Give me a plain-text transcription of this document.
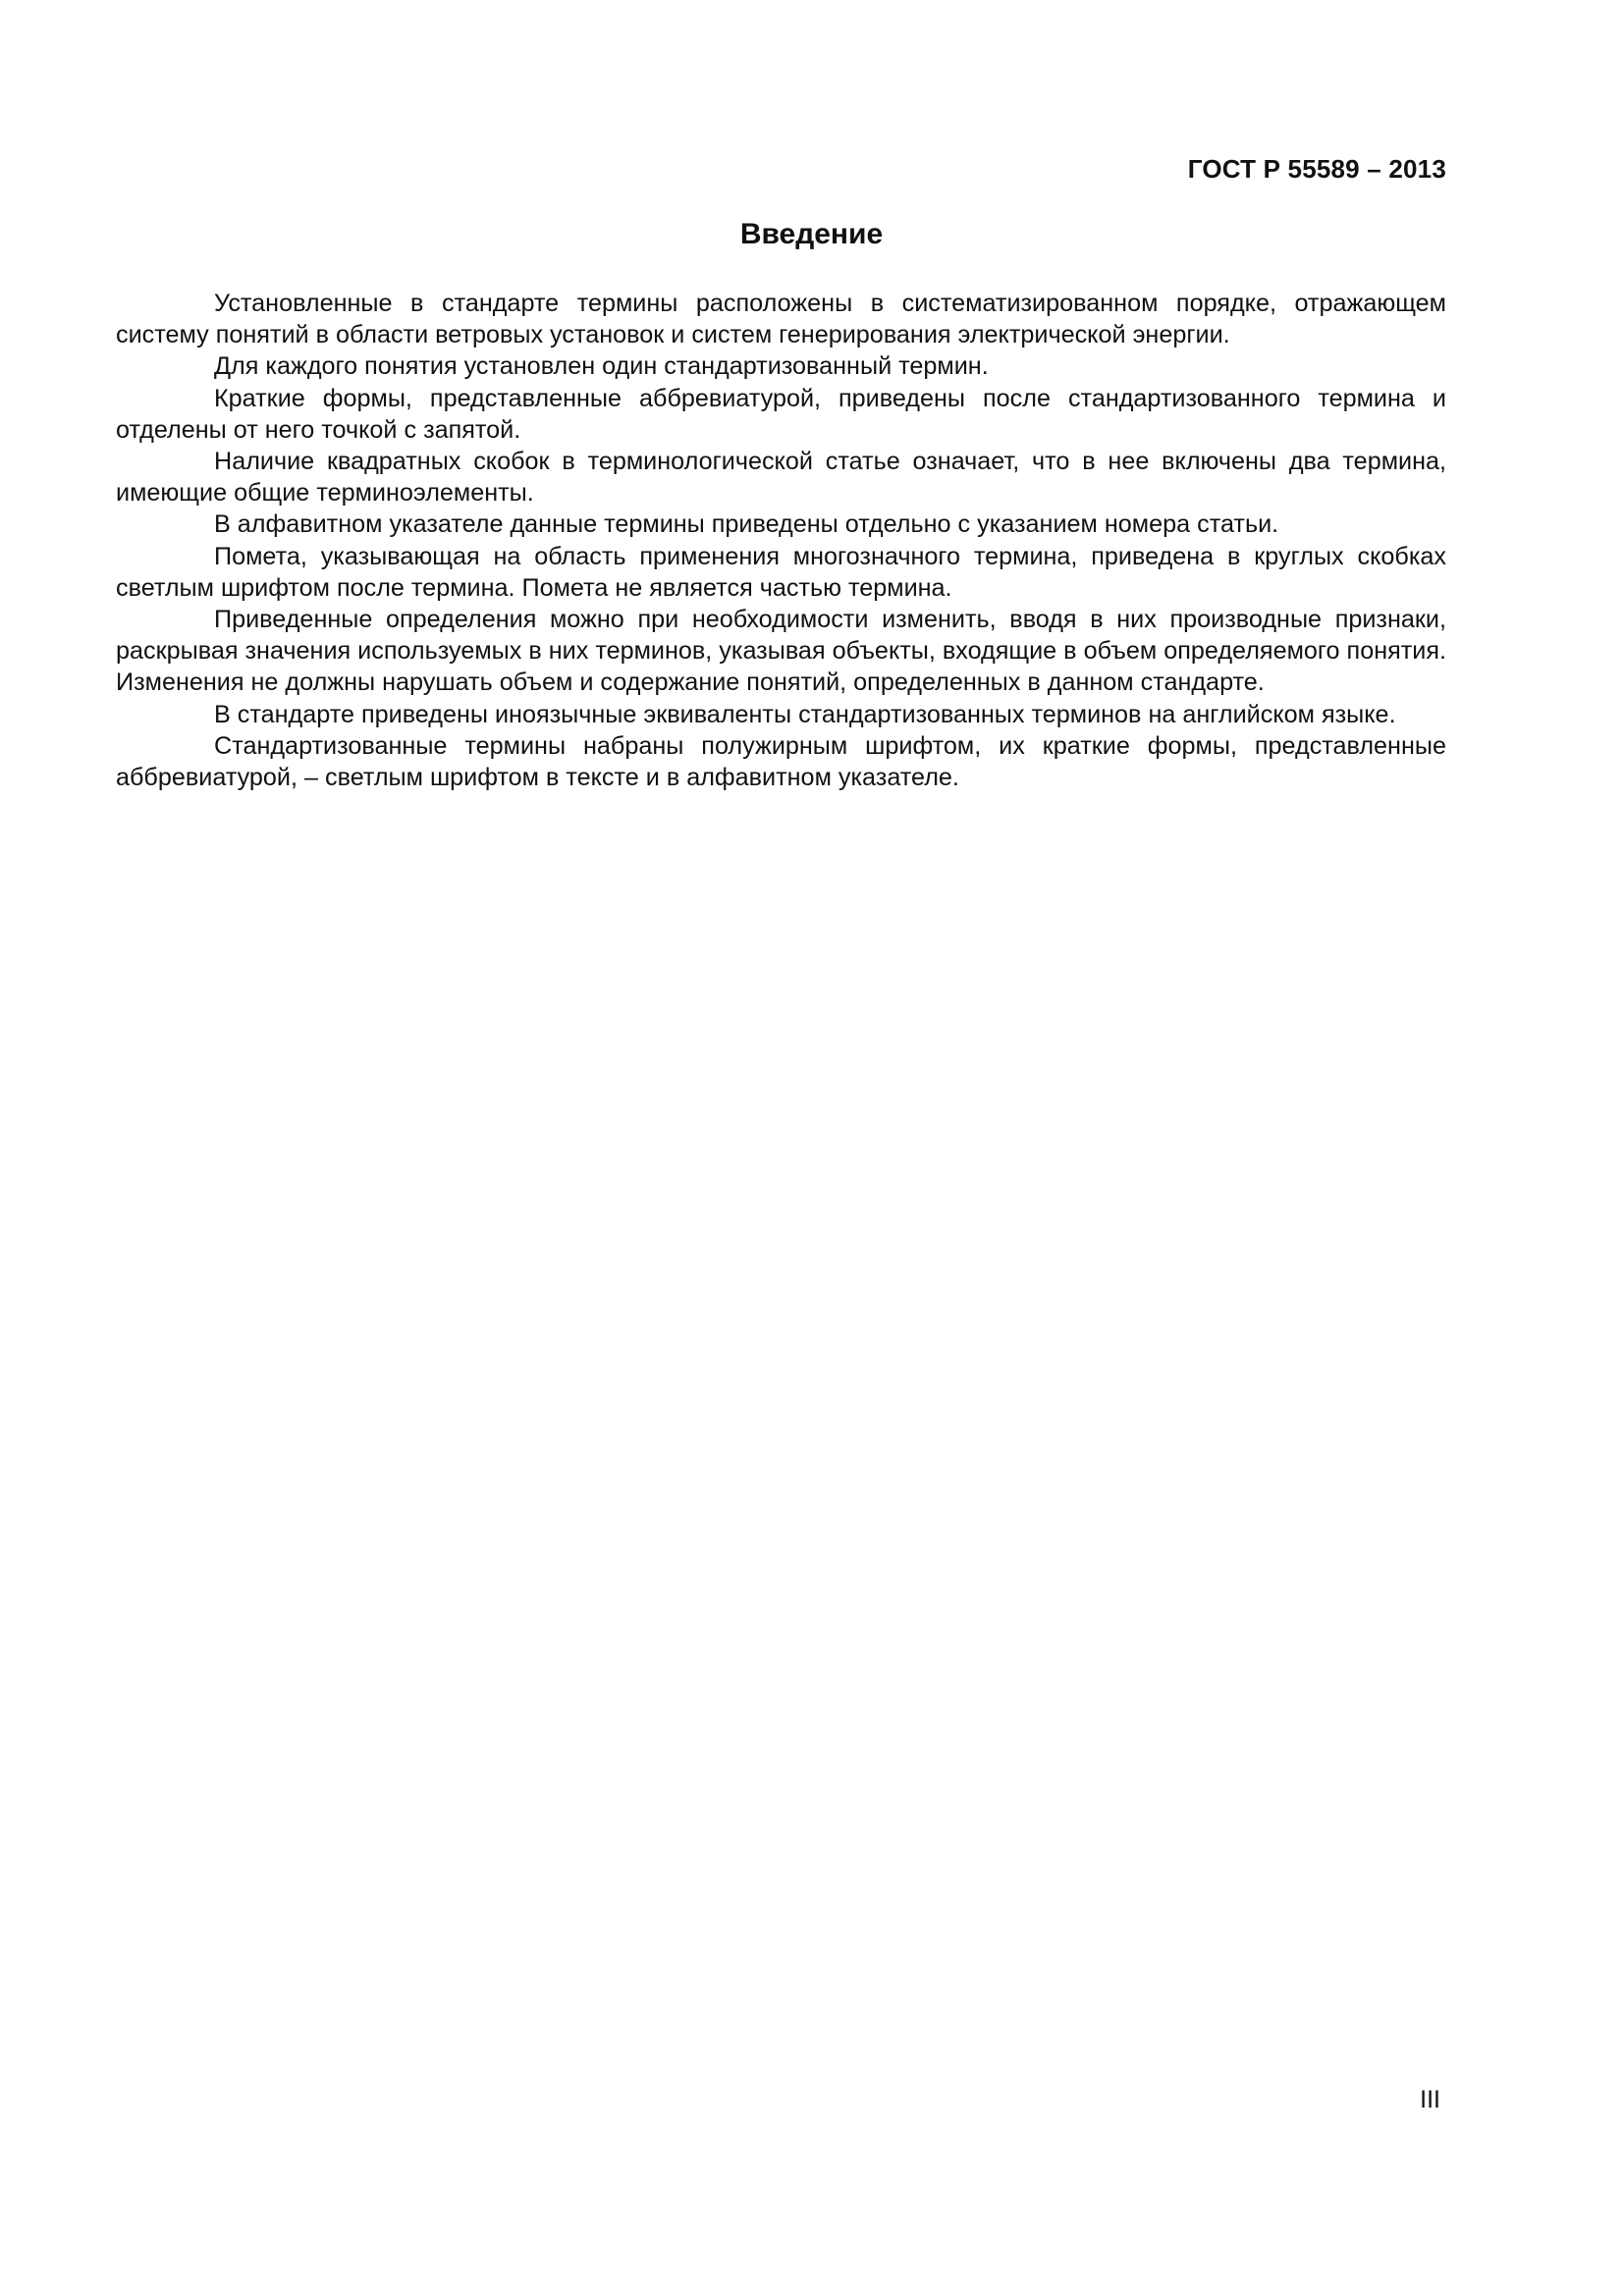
ГОСТ Р 55589 – 2013
Введение

Установленные в стандарте термины расположены в систематизированном порядке, отражающем систему понятий в области ветровых установок и систем генерирования электрической энергии.

Для каждого понятия установлен один стандартизованный термин.

Краткие формы, представленные аббревиатурой, приведены после стандартизованного термина и отделены от него точкой с запятой.

Наличие квадратных скобок в терминологической статье означает, что в нее включены два термина, имеющие общие терминоэлементы.

В алфавитном указателе данные термины приведены отдельно с указанием номера статьи.

Помета, указывающая на область применения многозначного термина, приведена в круглых скобках светлым шрифтом после термина. Помета не является частью термина.

Приведенные определения можно при необходимости изменить, вводя в них производные признаки, раскрывая значения используемых в них терминов, указывая объекты, входящие в объем определяемого понятия. Изменения не должны нарушать объем и содержание понятий, определенных в данном стандарте.

В стандарте приведены иноязычные эквиваленты стандартизованных терминов на английском языке.

Стандартизованные термины набраны полужирным шрифтом, их краткие формы, представленные аббревиатурой, – светлым шрифтом в тексте и в алфавитном указателе.

III
